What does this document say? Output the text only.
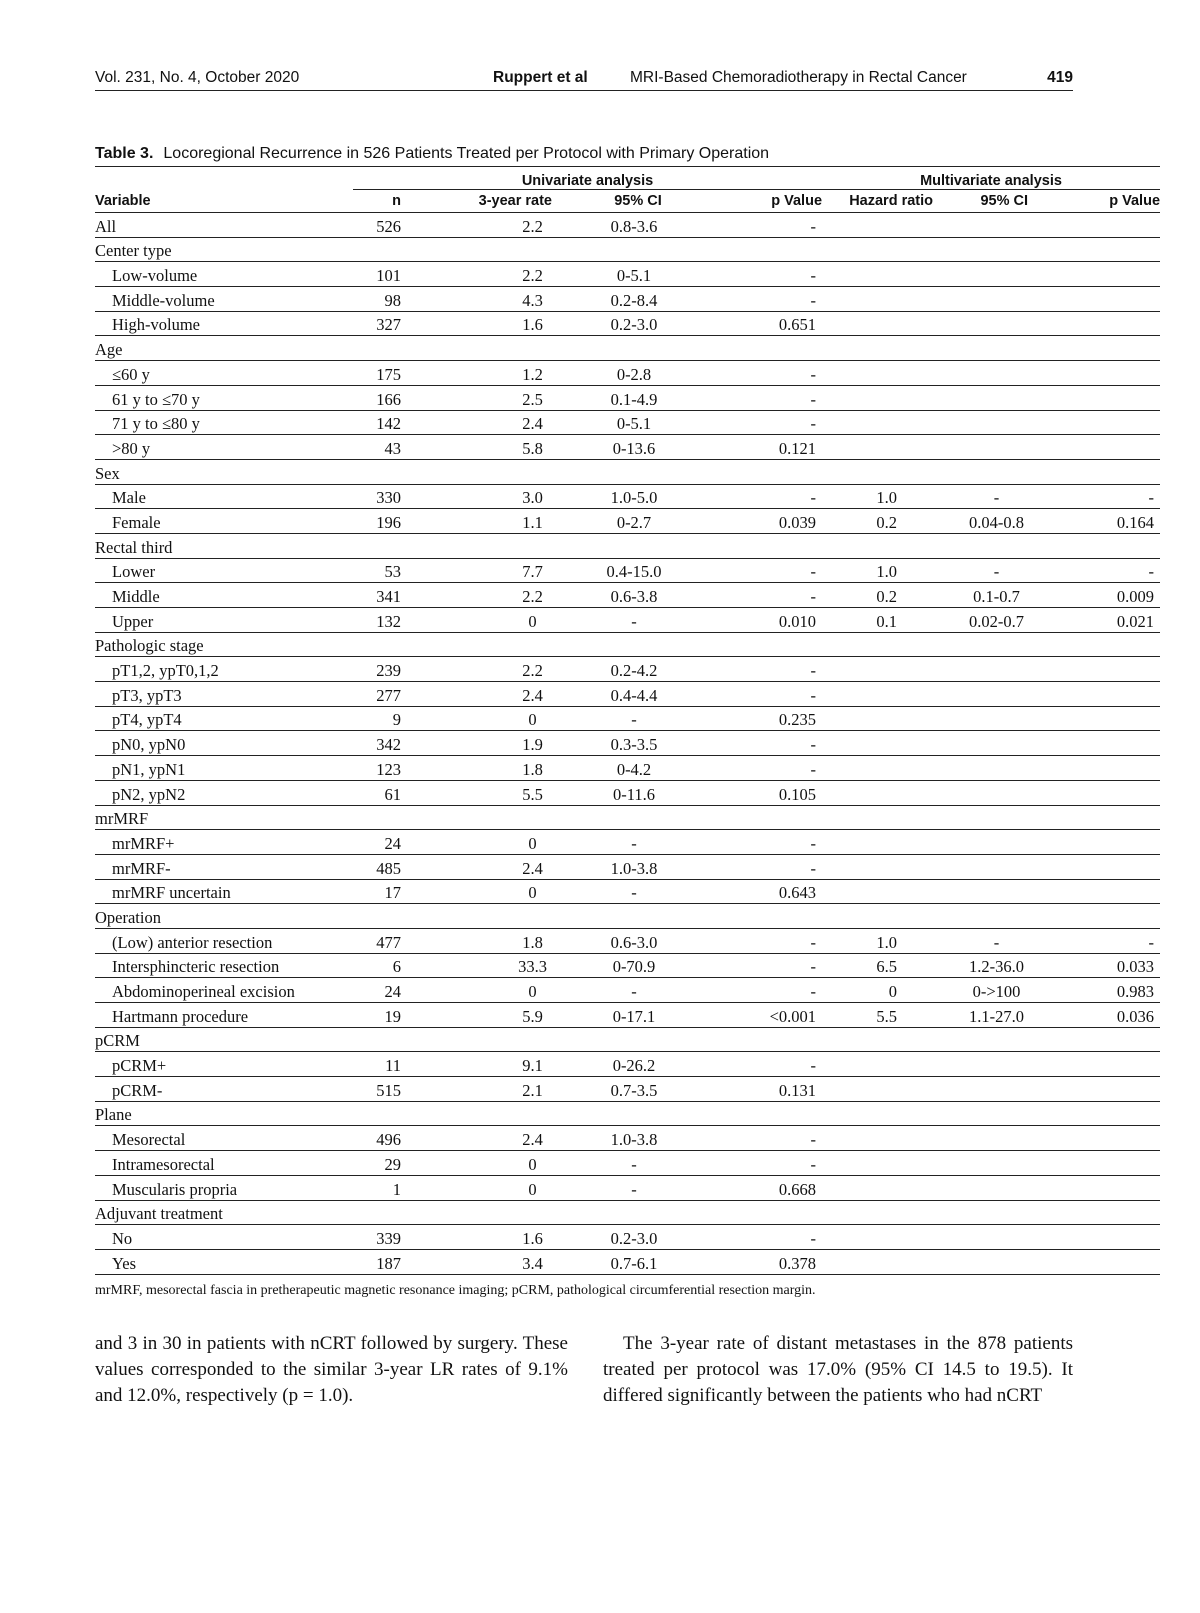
Vol. 231, No. 4, October 2020	Ruppert et al	MRI-Based Chemoradiotherapy in Rectal Cancer	419
Table 3. Locoregional Recurrence in 526 Patients Treated per Protocol with Primary Operation
	Univariate analysis	Multivariate analysis
Variable	n	3-year rate	95% CI	p Value	Hazard ratio	95% CI	p Value
All	526	2.2	0.8-3.6	-			
Center type							
Low-volume	101	2.2	0-5.1	-			
Middle-volume	98	4.3	0.2-8.4	-			
High-volume	327	1.6	0.2-3.0	0.651			
Age							
≤60 y	175	1.2	0-2.8	-			
61 y to ≤70 y	166	2.5	0.1-4.9	-			
71 y to ≤80 y	142	2.4	0-5.1	-			
>80 y	43	5.8	0-13.6	0.121			
Sex							
Male	330	3.0	1.0-5.0	-	1.0	-	-
Female	196	1.1	0-2.7	0.039	0.2	0.04-0.8	0.164
Rectal third							
Lower	53	7.7	0.4-15.0	-	1.0	-	-
Middle	341	2.2	0.6-3.8	-	0.2	0.1-0.7	0.009
Upper	132	0	-	0.010	0.1	0.02-0.7	0.021
Pathologic stage							
pT1,2, ypT0,1,2	239	2.2	0.2-4.2	-			
pT3, ypT3	277	2.4	0.4-4.4	-			
pT4, ypT4	9	0	-	0.235			
pN0, ypN0	342	1.9	0.3-3.5	-			
pN1, ypN1	123	1.8	0-4.2	-			
pN2, ypN2	61	5.5	0-11.6	0.105			
mrMRF							
mrMRF+	24	0	-	-			
mrMRF-	485	2.4	1.0-3.8	-			
mrMRF uncertain	17	0	-	0.643			
Operation							
(Low) anterior resection	477	1.8	0.6-3.0	-	1.0	-	-
Intersphincteric resection	6	33.3	0-70.9	-	6.5	1.2-36.0	0.033
Abdominoperineal excision	24	0	-	-	0	0->100	0.983
Hartmann procedure	19	5.9	0-17.1	<0.001	5.5	1.1-27.0	0.036
pCRM							
pCRM+	11	9.1	0-26.2	-			
pCRM-	515	2.1	0.7-3.5	0.131			
Plane							
Mesorectal	496	2.4	1.0-3.8	-			
Intramesorectal	29	0	-	-			
Muscularis propria	1	0	-	0.668			
Adjuvant treatment							
No	339	1.6	0.2-3.0	-			
Yes	187	3.4	0.7-6.1	0.378			
mrMRF, mesorectal fascia in pretherapeutic magnetic resonance imaging; pCRM, pathological circumferential resection margin.

and 3 in 30 in patients with nCRT followed by surgery. These values corresponded to the similar 3-year LR rates of 9.1% and 12.0%, respectively (p = 1.0).

The 3-year rate of distant metastases in the 878 patients treated per protocol was 17.0% (95% CI 14.5 to 19.5). It differed significantly between the patients who had nCRT
